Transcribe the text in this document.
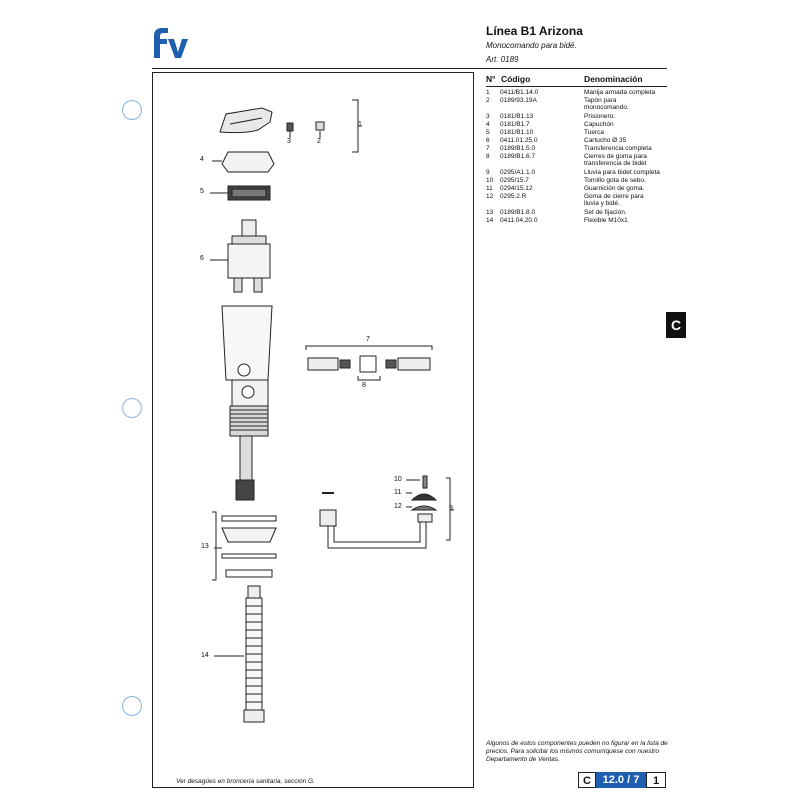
Línea B1 Arizona
Monocomando para bidé.
Art. 0189
1
2
3
4
5
6
7
8
9
10
11
12
13
14
N° Código	Denominación
1 0411/B1.14.0	Manija armada completa
2 0189/93.19A	Tapón para monocomando.
3 0181/B1.13	Prisionero.
4 0181/B1.7	Capuchón
5 0181/B1.10	Tuerca
6 0411.01.25.0	Cartucho Ø 35
7 0189/B1.5.0	Transferencia completa
8 0189/B1.6.7	Cierres de goma para transferencia de bidet
9 0295/A1.1.0	Lluvia para bidet completa
10 0295/15.7	Tornillo gota de sebo.
11 0294/15.12	Guarnición de goma.
12 0295.2.R	Goma de cierre para lluvia y bidé.
13 0189/B1.8.0	Set de fijación.
14 0411.04.20.0	Flexible M10x1
C
Algunos de estos componentes pueden no figurar en la lista de precios. Para solicitar los mismos comuníquese con nuestro Departamento de Ventas.
Ver desagües en broncería sanitaria, sección G.	C	12.0 / 7	1
